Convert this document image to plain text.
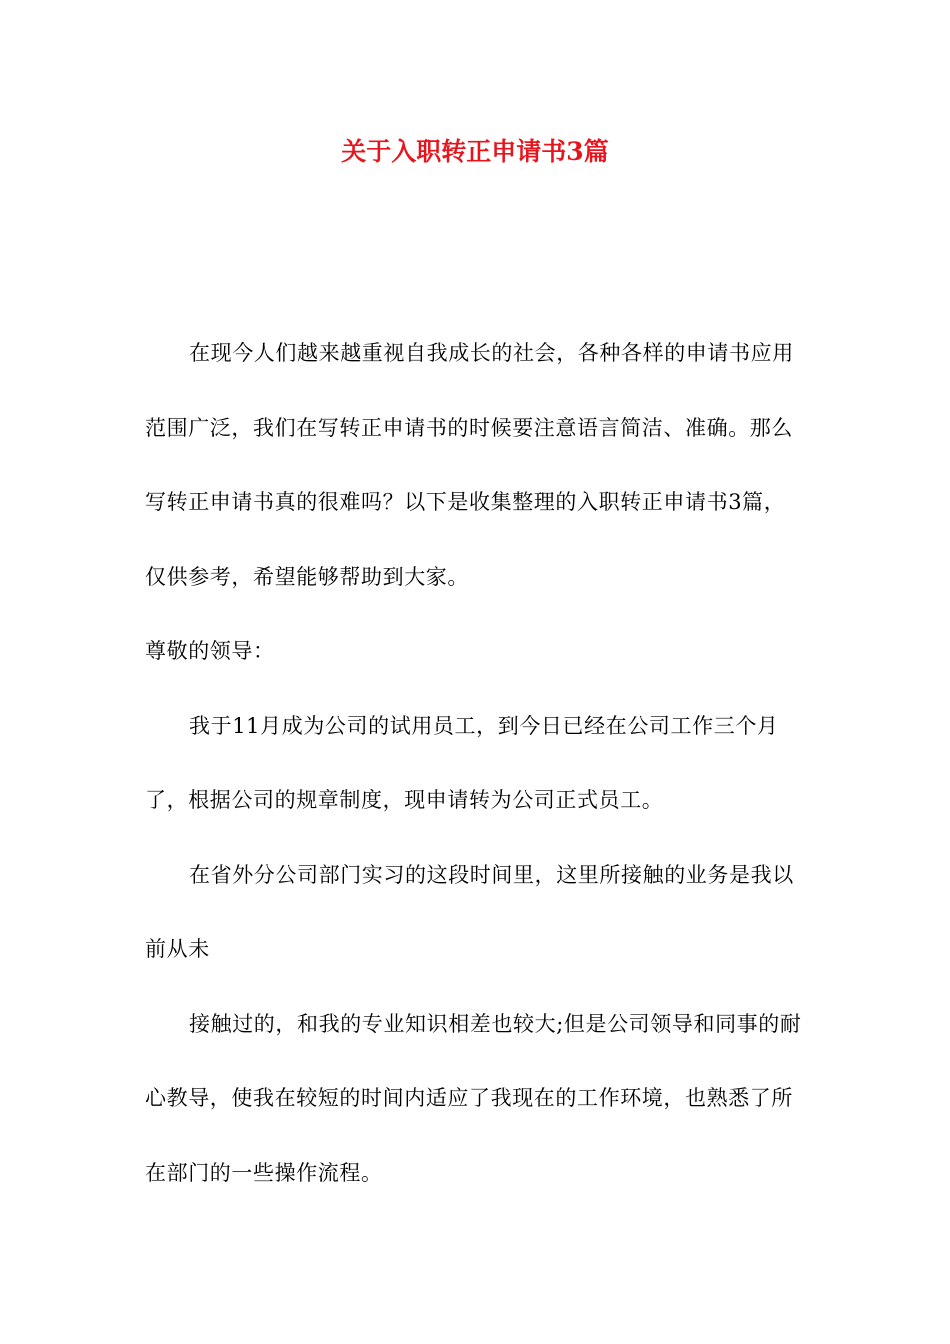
关于入职转正申请书3篇

在现今人们越来越重视自我成长的社会，各种各样的申请书应用范围广泛，我们在写转正申请书的时候要注意语言简洁、准确。那么写转正申请书真的很难吗？以下是收集整理的入职转正申请书3篇，仅供参考，希望能够帮助到大家。

尊敬的领导：

我于11月成为公司的试用员工，到今日已经在公司工作三个月了，根据公司的规章制度，现申请转为公司正式员工。

在省外分公司部门实习的这段时间里，这里所接触的业务是我以前从未

接触过的，和我的专业知识相差也较大;但是公司领导和同事的耐心教导，使我在较短的时间内适应了我现在的工作环境，也熟悉了所在部门的一些操作流程。
